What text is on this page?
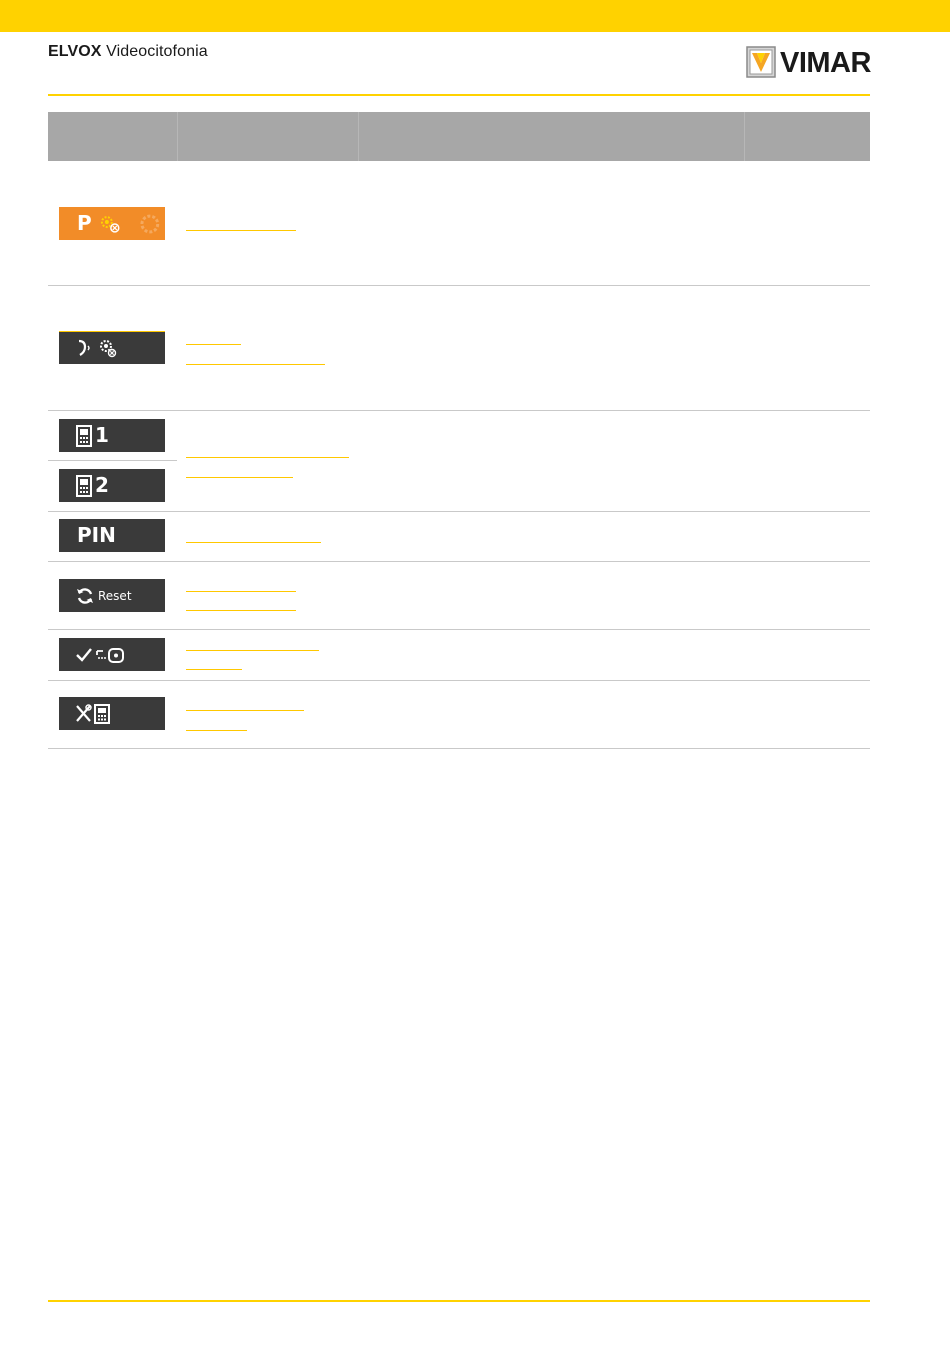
ELVOX Videocitofonia	VIMAR
P
1
2
PIN
Reset
